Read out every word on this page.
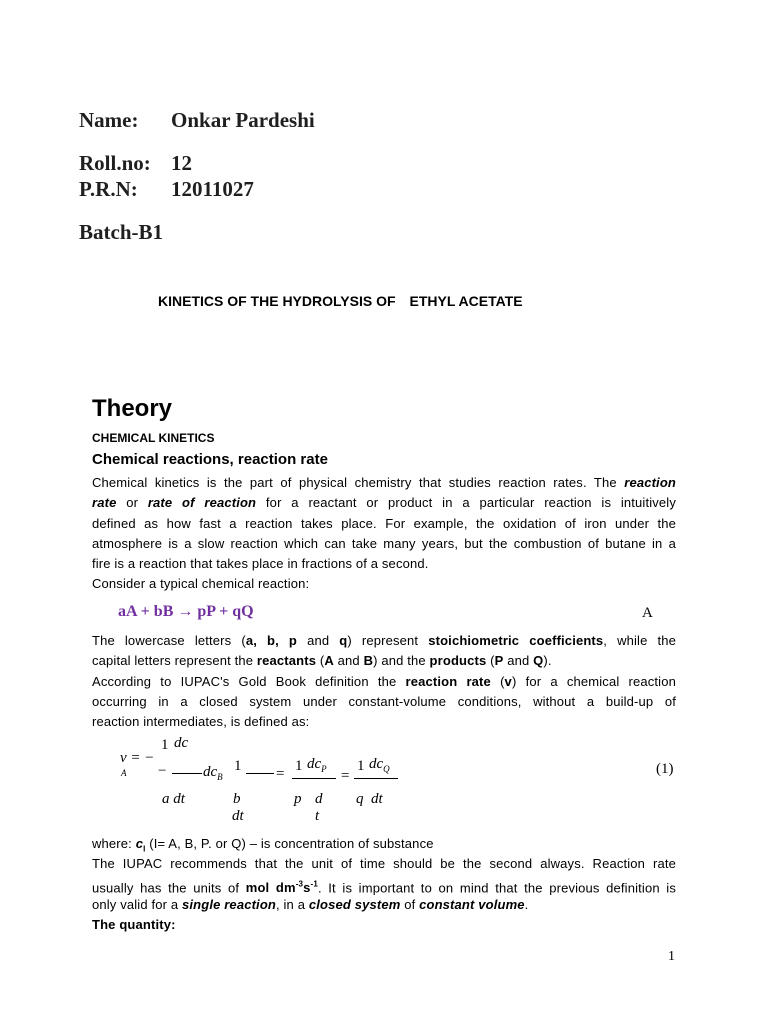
Name: Onkar Pardeshi
Roll.no: 12
P.R.N: 12011027
Batch-B1
KINETICS OF THE HYDROLYSIS OF ETHYL ACETATE
Theory
CHEMICAL KINETICS
Chemical reactions, reaction rate
Chemical kinetics is the part of physical chemistry that studies reaction rates. The reaction
rate or rate of reaction for a reactant or product in a particular reaction is intuitively
defined as how fast a reaction takes place. For example, the oxidation of iron under the
atmosphere is a slow reaction which can take many years, but the combustion of butane in a
fire is a reaction that takes place in fractions of a second.
Consider a typical chemical reaction:
aA + bB → pP + qQ	A
The lowercase letters (a, b, p and q) represent stoichiometric coefficients, while the
capital letters represent the reactants (A and B) and the products (P and Q).
According to IUPAC's Gold Book definition the reaction rate (v) for a chemical reaction
occurring in a closed system under constant-volume conditions, without a build-up of
reaction intermediates, is defined as:
1 dc
v = −
$A - dc_B$
1 = 1 $dc_P$ =
1 $dc_Q$
a dt	b	p d q  dt
dt	t
(1)
where: $c_I$ (I= A, B, P. or Q) – is concentration of substance
The IUPAC recommends that the unit of time should be the second always. Reaction rate
usually has the units of mol $dm^{-3}s^{-1}$. It is important to on mind that the previous definition is
only valid for a single reaction, in a closed system of constant volume.
The quantity:
1
